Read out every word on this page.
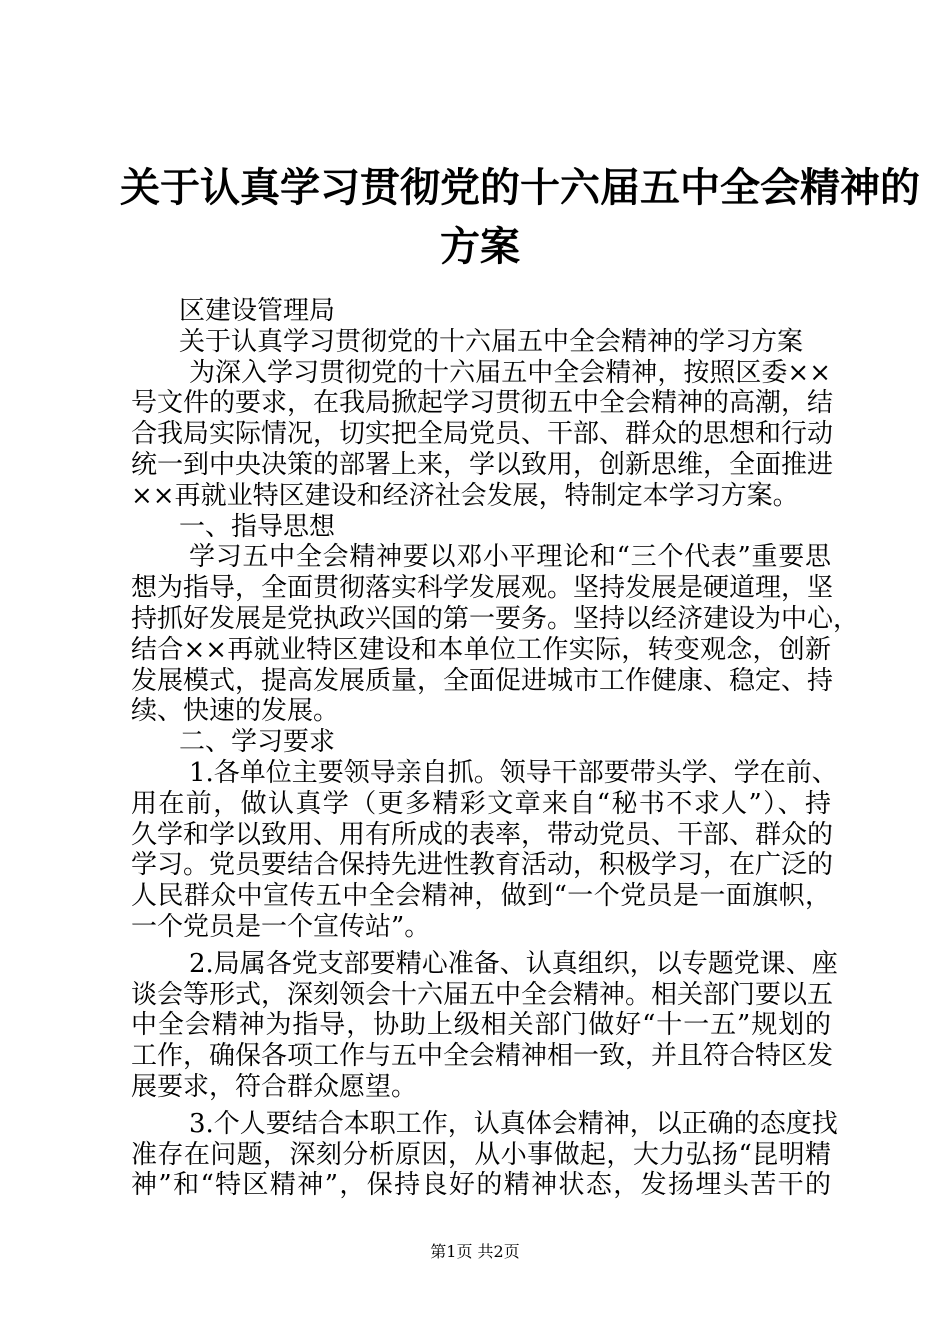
关于认真学习贯彻党的十六届五中全会精神的
方案
区建设管理局
关于认真学习贯彻党的十六届五中全会精神的学习方案
为深入学习贯彻党的十六届五中全会精神，按照区委××
号文件的要求，在我局掀起学习贯彻五中全会精神的高潮，结
合我局实际情况，切实把全局党员、干部、群众的思想和行动
统一到中央决策的部署上来，学以致用，创新思维，全面推进
××再就业特区建设和经济社会发展，特制定本学习方案。
一、指导思想
学习五中全会精神要以邓小平理论和“三个代表”重要思
想为指导，全面贯彻落实科学发展观。坚持发展是硬道理，坚
持抓好发展是党执政兴国的第一要务。坚持以经济建设为中心，
结合××再就业特区建设和本单位工作实际，转变观念，创新
发展模式，提高发展质量，全面促进城市工作健康、稳定、持
续、快速的发展。
二、学习要求
1.各单位主要领导亲自抓。领导干部要带头学、学在前、
用在前，做认真学（更多精彩文章来自“秘书不求人”）、持
久学和学以致用、用有所成的表率，带动党员、干部、群众的
学习。党员要结合保持先进性教育活动，积极学习，在广泛的
人民群众中宣传五中全会精神，做到“一个党员是一面旗帜，
一个党员是一个宣传站”。
2.局属各党支部要精心准备、认真组织，以专题党课、座
谈会等形式，深刻领会十六届五中全会精神。相关部门要以五
中全会精神为指导，协助上级相关部门做好“十一五”规划的
工作，确保各项工作与五中全会精神相一致，并且符合特区发
展要求，符合群众愿望。
3.个人要结合本职工作，认真体会精神，以正确的态度找
准存在问题，深刻分析原因，从小事做起，大力弘扬“昆明精
神”和“特区精神”，保持良好的精神状态，发扬埋头苦干的
第1页 共2页
